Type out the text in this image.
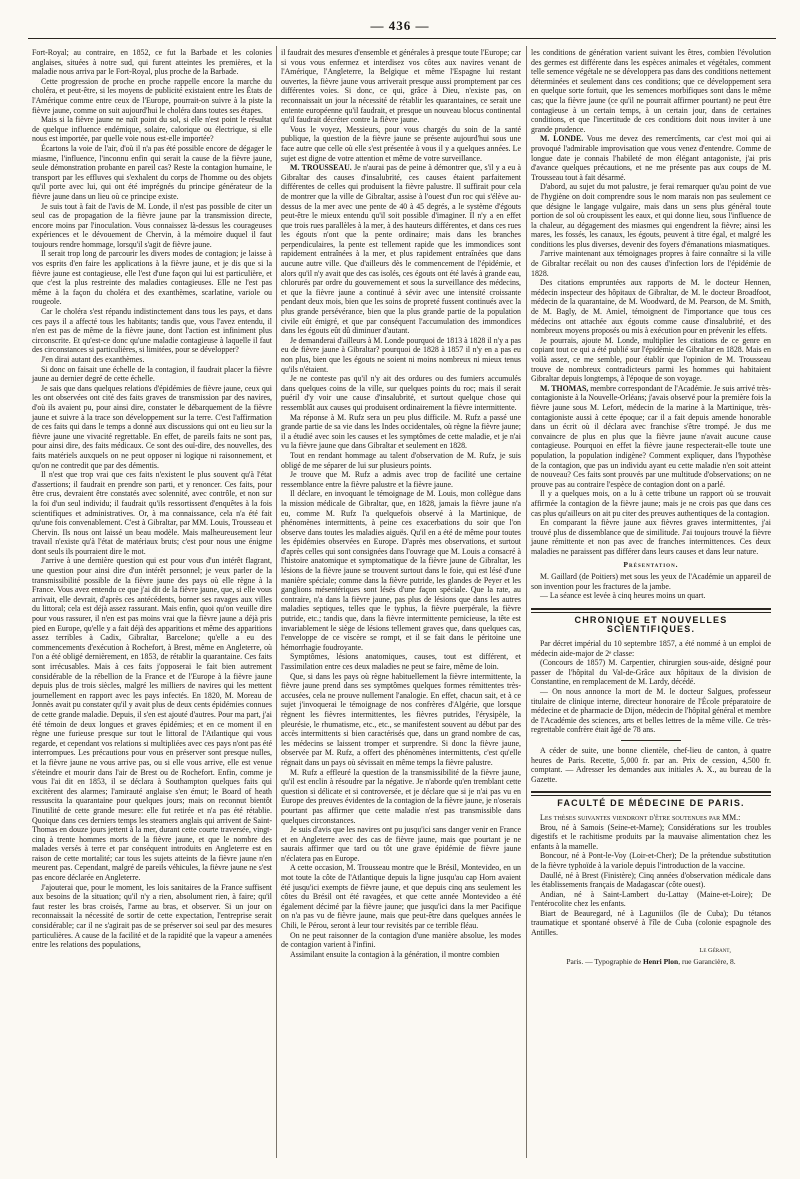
— 436 —

Fort-Royal; au contraire, en 1852, ce fut la Barbade et les colonies anglaises, situées à notre sud, qui furent atteintes les premières, et la maladie nous arriva par le Fort-Royal, plus proche de la Barbade.

Cette progression de proche en proche rappelle encore la marche du choléra, et peut-être, si les moyens de publicité existaient entre les États de l'Amérique comme entre ceux de l'Europe, pourrait-on suivre à la piste la fièvre jaune, comme on suit aujourd'hui le choléra dans toutes ses étapes.

Mais si la fièvre jaune ne naît point du sol, si elle n'est point le résultat de quelque influence endémique, solaire, calorique ou électrique, si elle nous est importée, par quelle voie nous est-elle importée?

Écartons la voie de l'air, d'où il n'a pas été possible encore de dégager le miasme, l'influence, l'inconnu enfin qui serait la cause de la fièvre jaune, seule démonstration probante en pareil cas? Reste la contagion humaine, le transport par les effluves qui s'exhalent du corps de l'homme ou des objets qu'il porte avec lui, qui ont été imprégnés du principe générateur de la fièvre jaune dans un lieu où ce principe existe.

Je suis tout à fait de l'avis de M. Londe, il n'est pas possible de citer un seul cas de propagation de la fièvre jaune par la transmission directe, encore moins par l'inoculation. Vous connaissez là-dessus les courageuses expériences et le dévouement de Chervin, à la mémoire duquel il faut toujours rendre hommage, lorsqu'il s'agit de fièvre jaune.

Il serait trop long de parcourir les divers modes de contagion; je laisse à vos esprits d'en faire les applications à la fièvre jaune, et je dis que si la fièvre jaune est contagieuse, elle l'est d'une façon qui lui est particulière, et que c'est la plus restreinte des maladies contagieuses. Elle ne l'est pas même à la façon du choléra et des exanthèmes, scarlatine, variole ou rougeole.

Car le choléra s'est répandu indistinctement dans tous les pays, et dans ces pays il a affecté tous les habitants; tandis que, vous l'avez entendu, il n'en est pas de même de la fièvre jaune, dont l'action est infiniment plus circonscrite. Et qu'est-ce donc qu'une maladie contagieuse à laquelle il faut des circonstances si particulières, si limitées, pour se développer?

J'en dirai autant des exanthèmes.

Si donc on faisait une échelle de la contagion, il faudrait placer la fièvre jaune au dernier degré de cette échelle.

Je sais que dans quelques relations d'épidémies de fièvre jaune, ceux qui les ont observées ont cité des faits graves de transmission par des navires, d'où ils avaient pu, pour ainsi dire, constater le débarquement de la fièvre jaune et suivre à la trace son développement sur la terre. C'est l'affirmation de ces faits qui dans le temps a donné aux discussions qui ont eu lieu sur la fièvre jaune une vivacité regrettable. En effet, de pareils faits ne sont pas, pour ainsi dire, des faits médicaux. Ce sont des ouï-dire, des nouvelles, des faits matériels auxquels on ne peut opposer ni logique ni raisonnement, et qu'on ne contredit que par des démentis.

Il n'est que trop vrai que ces faits n'existent le plus souvent qu'à l'état d'assertions; il faudrait en prendre son parti, et y renoncer. Ces faits, pour être crus, devraient être constatés avec solennité, avec contrôle, et non sur la foi d'un seul individu; il faudrait qu'ils ressortissent d'enquêtes à la fois scientifiques et administratives. Or, à ma connaissance, cela n'a été fait qu'une fois convenablement. C'est à Gibraltar, par MM. Louis, Trousseau et Chervin. Ils nous ont laissé un beau modèle. Mais malheureusement leur travail n'existe qu'à l'état de matériaux bruts; c'est pour nous une énigme dont seuls ils pourraient dire le mot.

J'arrive à une dernière question qui est pour vous d'un intérêt flagrant, une question pour ainsi dire d'un intérêt personnel; je veux parler de la transmissibilité possible de la fièvre jaune des pays où elle règne à la France. Vous avez entendu ce que j'ai dit de la fièvre jaune, que, si elle vous arrivait, elle devrait, d'après ces antécédents, borner ses ravages aux villes du littoral; cela est déjà assez rassurant. Mais enfin, quoi qu'on veuille dire pour vous rassurer, il n'en est pas moins vrai que la fièvre jaune a déjà pris pied en Europe, qu'elle y a fait déjà des apparitions et même des apparitions assez terribles à Cadix, Gibraltar, Barcelone; qu'elle a eu des commencements d'exécution à Rochefort, à Brest, même en Angleterre, où l'on a été obligé dernièrement, en 1853, de rétablir la quarantaine. Ces faits sont irrécusables. Mais à ces faits j'opposerai le fait bien autrement considérable de la rébellion de la France et de l'Europe à la fièvre jaune depuis plus de trois siècles, malgré les milliers de navires qui les mettent journellement en rapport avec les pays infectés. En 1820, M. Moreau de Jonnès avait pu constater qu'il y avait plus de deux cents épidémies connues de cette grande maladie. Depuis, il s'en est ajouté d'autres. Pour ma part, j'ai été témoin de deux longues et graves épidémies; et en ce moment il en règne une furieuse presque sur tout le littoral de l'Atlantique qui vous regarde, et cependant vos relations si multipliées avec ces pays n'ont pas été interrompues. Les précautions pour vous en préserver sont presque nulles, et la fièvre jaune ne vous arrive pas, ou si elle vous arrive, elle est venue s'éteindre et mourir dans l'air de Brest ou de Rochefort. Enfin, comme je vous l'ai dit en 1853, il se déclara à Southampton quelques faits qui excitèrent des alarmes; l'amirauté anglaise s'en émut; le Board of heath ressuscita la quarantaine pour quelques jours; mais on reconnut bientôt l'inutilité de cette grande mesure: elle fut retirée et n'a pas été rétablie. Quoique dans ces derniers temps les steamers anglais qui arrivent de Saint-Thomas en douze jours jettent à la mer, durant cette courte traversée, vingt-cinq à trente hommes morts de la fièvre jaune, et que le nombre des malades versés à terre et par conséquent introduits en Angleterre est en raison de cette mortalité; car tous les sujets atteints de la fièvre jaune n'en meurent pas. Cependant, malgré de pareils véhicules, la fièvre jaune ne s'est pas encore déclarée en Angleterre.

J'ajouterai que, pour le moment, les lois sanitaires de la France suffisent aux besoins de la situation; qu'il n'y a rien, absolument rien, à faire; qu'il faut rester les bras croisés, l'arme au bras, et observer. Si un jour on reconnaissait la nécessité de sortir de cette expectation, l'entreprise serait considérable; car il ne s'agirait pas de se préserver soi seul par des mesures particulières. A cause de la facilité et de la rapidité que la vapeur a amenées entre les relations des populations,

il faudrait des mesures d'ensemble et générales à presque toute l'Europe; car si vous vous enfermez et interdisez vos côtes aux navires venant de l'Amérique, l'Angleterre, la Belgique et même l'Espagne lui restant ouvertes, la fièvre jaune vous arriverait presque aussi promptement par ces différentes voies. Si donc, ce qui, grâce à Dieu, n'existe pas, on reconnaissait un jour la nécessité de rétablir les quarantaines, ce serait une entente européenne qu'il faudrait, et presque un nouveau blocus continental qu'il faudrait décréter contre la fièvre jaune.

Vous le voyez, Messieurs, pour vous chargés du soin de la santé publique, la question de la fièvre jaune se présente aujourd'hui sous une face autre que celle où elle s'est présentée à vous il y a quelques années. Le sujet est digne de votre attention et même de votre surveillance.

M. TROUSSEAU. Je n'aurai pas de peine à démontrer que, s'il y a eu à Gibraltar des causes d'insalubrité, ces causes étaient parfaitement différentes de celles qui produisent la fièvre palustre. Il suffirait pour cela de montrer que la ville de Gibraltar, assise à l'ouest d'un roc qui s'élève au-dessus de la mer avec une pente de 40 à 45 degrés, a le système d'égouts peut-être le mieux entendu qu'il soit possible d'imaginer. Il n'y a en effet que trois rues parallèles à la mer, à des hauteurs différentes, et dans ces rues les égouts n'ont que la pente ordinaire; mais dans les branches perpendiculaires, la pente est tellement rapide que les immondices sont rapidement entraînées à la mer, et plus rapidement entraînées que dans aucune autre ville. Que d'ailleurs dès le commencement de l'épidémie, et alors qu'il n'y avait que des cas isolés, ces égouts ont été lavés à grande eau, chlorurés par ordre du gouvernement et sous la surveillance des médecins, et que la fièvre jaune a continué à sévir avec une intensité croissante pendant deux mois, bien que les soins de propreté fussent continués avec la plus grande persévérance, bien que la plus grande partie de la population civile eût émigré, et que par conséquent l'accumulation des immondices dans les égouts eût dû diminuer d'autant.

Je demanderai d'ailleurs à M. Londe pourquoi de 1813 à 1828 il n'y a pas eu de fièvre jaune à Gibraltar? pourquoi de 1828 à 1857 il n'y en a pas eu non plus, bien que les égouts ne soient ni moins nombreux ni mieux tenus qu'ils n'étaient.

Je ne conteste pas qu'il n'y ait des ordures ou des fumiers accumulés dans quelques coins de la ville, sur quelques points du roc; mais il serait puéril d'y voir une cause d'insalubrité, et surtout quelque chose qui ressemblât aux causes qui produisent ordinairement la fièvre intermittente.

Ma réponse à M. Rufz sera un peu plus difficile. M. Rufz a passé une grande partie de sa vie dans les Indes occidentales, où règne la fièvre jaune; il a étudié avec soin les causes et les symptômes de cette maladie, et je n'ai vu la fièvre jaune que dans Gibraltar et seulement en 1828.

Tout en rendant hommage au talent d'observation de M. Rufz, je suis obligé de me séparer de lui sur plusieurs points.

Je trouve que M. Rufz a admis avec trop de facilité une certaine ressemblance entre la fièvre palustre et la fièvre jaune.

Il déclare, en invoquant le témoignage de M. Louis, mon collègue dans la mission médicale de Gibraltar, que, en 1828, jamais la fièvre jaune n'a eu, comme M. Rufz l'a quelquefois observé à la Martinique, de phénomènes intermittents, à peine ces exacerbations du soir que l'on observe dans toutes les maladies aiguës. Qu'il en a été de même pour toutes les épidémies observées en Europe. D'après mes observations, et surtout d'après celles qui sont consignées dans l'ouvrage que M. Louis a consacré à l'histoire anatomique et symptomatique de la fièvre jaune de Gibraltar, les lésions de la fièvre jaune se trouvent surtout dans le foie, qui est lésé d'une manière spéciale; comme dans la fièvre putride, les glandes de Peyer et les ganglions mésentériques sont lésés d'une façon spéciale. Que la rate, au contraire, n'a dans la fièvre jaune, pas plus de lésions que dans les autres maladies septiques, telles que le typhus, la fièvre puerpérale, la fièvre putride, etc.; tandis que, dans la fièvre intermittente pernicieuse, la tête est invariablement le siège de lésions tellement graves que, dans quelques cas, l'enveloppe de ce viscère se rompt, et il se fait dans le péritoine une hémorrhagie foudroyante.

Symptômes, lésions anatomiques, causes, tout est différent, et l'assimilation entre ces deux maladies ne peut se faire, même de loin.

Que, si dans les pays où règne habituellement la fièvre intermittente, la fièvre jaune prend dans ses symptômes quelques formes rémittentes très-accusées, cela ne prouve nullement l'analogie. En effet, chacun sait, et à ce sujet j'invoquerai le témoignage de nos confrères d'Algérie, que lorsque règnent les fièvres intermittentes, les fièvres putrides, l'érysipèle, la pleurésie, le rhumatisme, etc., etc., se manifestent souvent au début par des accès intermittents si bien caractérisés que, dans un grand nombre de cas, les médecins se laissent tromper et surprendre. Si donc la fièvre jaune, observée par M. Rufz, a offert des phénomènes intermittents, c'est qu'elle régnait dans un pays où sévissait en même temps la fièvre palustre.

M. Rufz a effleuré la question de la transmissibilité de la fièvre jaune, qu'il est enclin à résoudre par la négative. Je n'aborde qu'en tremblant cette question si délicate et si controversée, et je déclare que si je n'ai pas vu en Europe des preuves évidentes de la contagion de la fièvre jaune, je n'oserais pourtant pas affirmer que cette maladie n'est pas transmissible dans quelques circonstances.

Je suis d'avis que les navires ont pu jusqu'ici sans danger venir en France et en Angleterre avec des cas de fièvre jaune, mais que pourtant je ne saurais affirmer que tard ou tôt une grave épidémie de fièvre jaune n'éclatera pas en Europe.

A cette occasion, M. Trousseau montre que le Brésil, Montevideo, en un mot toute la côte de l'Atlantique depuis la ligne jusqu'au cap Horn avaient été jusqu'ici exempts de fièvre jaune, et que depuis cinq ans seulement les côtes du Brésil ont été ravagées, et que cette année Montevideo a été également décimé par la fièvre jaune; que jusqu'ici dans la mer Pacifique on n'a pas vu de fièvre jaune, mais que peut-être dans quelques années le Chili, le Pérou, seront à leur tour revisités par ce terrible fléau.

On ne peut raisonner de la contagion d'une manière absolue, les modes de contagion varient à l'infini.

Assimilant ensuite la contagion à la génération, il montre combien

les conditions de génération varient suivant les êtres, combien l'évolution des germes est différente dans les espèces animales et végétales, comment telle semence végétale ne se développera pas dans des conditions nettement déterminées et seulement dans ces conditions; que ce développement sera en quelque sorte fortuit, que les semences morbifiques sont dans le même cas; que la fièvre jaune (ce qu'il ne pourrait affirmer pourtant) ne peut être contagieuse à un certain temps, à un certain jour, dans de certaines conditions, et que l'incertitude de ces conditions doit nous inviter à une grande prudence.

M. LONDE. Vous me devez des remercîments, car c'est moi qui ai provoqué l'admirable improvisation que vous venez d'entendre. Comme de longue date je connais l'habileté de mon élégant antagoniste, j'ai pris d'avance quelques précautions, et ne me présente pas aux coups de M. Trousseau tout à fait désarmé.

D'abord, au sujet du mot palustre, je ferai remarquer qu'au point de vue de l'hygiène on doit comprendre sous le nom marais non pas seulement ce que désigne le langage vulgaire, mais dans un sens plus général toute portion de sol où croupissent les eaux, et qui donne lieu, sous l'influence de la chaleur, au dégagement des miasmes qui engendrent la fièvre; ainsi les mares, les fossés, les canaux, les égouts, peuvent à titre égal, et malgré les conditions les plus diverses, devenir des foyers d'émanations miasmatiques.

J'arrive maintenant aux témoignages propres à faire connaître si la ville de Gibraltar recélait ou non des causes d'infection lors de l'épidémie de 1828.

Des citations empruntées aux rapports de M. le docteur Hennen, médecin inspecteur des hôpitaux de Gibraltar, de M. le docteur Broadfoot, médecin de la quarantaine, de M. Woodward, de M. Pearson, de M. Smith, de M. Bagly, de M. Amiel, témoignent de l'importance que tous ces médecins ont attachée aux égouts comme cause d'insalubrité, et des nombreux moyens proposés ou mis à exécution pour en prévenir les effets.

Je pourrais, ajoute M. Londe, multiplier les citations de ce genre en copiant tout ce qui a été publié sur l'épidémie de Gibraltar en 1828. Mais en voilà assez, ce me semble, pour établir que l'opinion de M. Trousseau trouve de nombreux contradicteurs parmi les hommes qui habitaient Gibraltar depuis longtemps, à l'époque de son voyage.

M. THOMAS, membre correspondant de l'Académie. Je suis arrivé très-contagioniste à la Nouvelle-Orléans; j'avais observé pour la première fois la fièvre jaune sous M. Lefort, médecin de la marine à la Martinique, très-contagioniste aussi à cette époque; car il a fait depuis amende honorable dans un écrit où il déclara avec franchise s'être trompé. Je dus me convaincre de plus en plus que la fièvre jaune n'avait aucune cause contagieuse. Pourquoi en effet la fièvre jaune respecterait-elle toute une population, la population indigène? Comment expliquer, dans l'hypothèse de la contagion, que pas un individu ayant eu cette maladie n'en soit atteint de nouveau? Ces faits sont prouvés par une multitude d'observations; on ne prouve pas au contraire l'espèce de contagion dont on a parlé.

Il y a quelques mois, on a lu à cette tribune un rapport où se trouvait affirmée la contagion de la fièvre jaune; mais je ne crois pas que dans ces cas plus qu'ailleurs on ait pu citer des preuves authentiques de la contagion.

En comparant la fièvre jaune aux fièvres graves intermittentes, j'ai trouvé plus de dissemblance que de similitude. J'ai toujours trouvé la fièvre jaune rémittente et non pas avec de franches intermittences. Ces deux maladies ne paraissent pas différer dans leurs causes et dans leur nature.

Présentation.

M. Gaillard (de Poitiers) met sous les yeux de l'Académie un appareil de son invention pour les fractures de la jambe.

— La séance est levée à cinq heures moins un quart.

CHRONIQUE ET NOUVELLES SCIENTIFIQUES.

Par décret impérial du 10 septembre 1857, a été nommé à un emploi de médecin aide-major de 2ᵉ classe:

(Concours de 1857) M. Carpentier, chirurgien sous-aide, désigné pour passer de l'hôpital du Val-de-Grâce aux hôpitaux de la division de Constantine, en remplacement de M. Lardy, décédé.

— On nous annonce la mort de M. le docteur Salgues, professeur titulaire de clinique interne, directeur honoraire de l'École préparatoire de médecine et de pharmacie de Dijon, médecin de l'hôpital général et membre de l'Académie des sciences, arts et belles lettres de la même ville. Ce très-regrettable confrère était âgé de 78 ans.

A céder de suite, une bonne clientèle, chef-lieu de canton, à quatre heures de Paris. Recette, 5,000 fr. par an. Prix de cession, 4,500 fr. comptant. — Adresser les demandes aux initiales A. X., au bureau de la Gazette.

FACULTÉ DE MÉDECINE DE PARIS.

Les thèses suivantes viendront d'être soutenues par MM.:

Brou, né à Samois (Seine-et-Marne); Considérations sur les troubles digestifs et le rachitisme produits par la mauvaise alimentation chez les enfants à la mamelle.

Boncour, né à Pont-le-Voy (Loir-et-Cher); De la prétendue substitution de la fièvre typhoïde à la variole depuis l'introduction de la vaccine.

Daullé, né à Brest (Finistère); Cinq années d'observation médicale dans les établissements français de Madagascar (côte ouest).

Andian, né à Saint-Lambert du-Lattay (Maine-et-Loire); De l'entérocolite chez les enfants.

Biart de Beauregard, né à Laguniilos (île de Cuba); Du tétanos traumatique et spontané observé à l'île de Cuba (colonie espagnole des Antilles.

Le Gérant,
Paris. — Typographie de Henri Plon, rue Garancière, 8.
